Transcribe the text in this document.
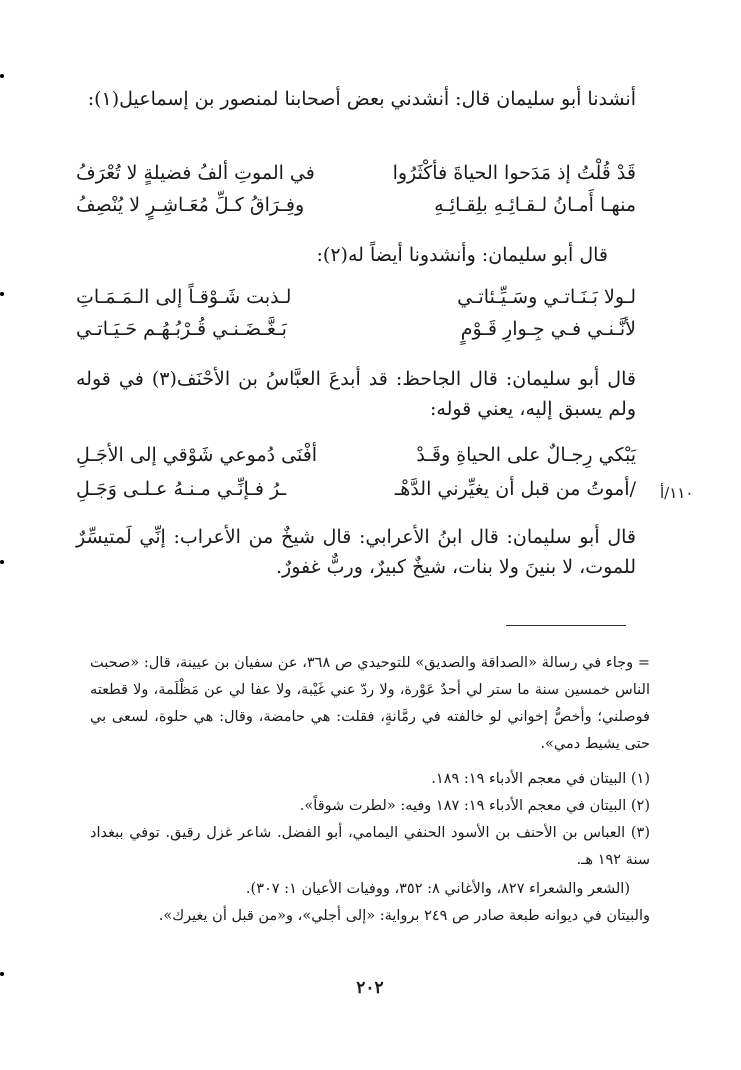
أنشدنا أبو سليمان قال: أنشدني بعض أصحابنا لمنصور بن إسماعيل(١):
قَدْ قُلْتُ إذ مَدَحوا الحياةَ فأكْثَرُوا
في الموتِ ألفُ فضيلةٍ لا تُعْرَفُ
منهـا أَمـانُ لـقـائِـهِ بلِقـائِـهِ
وفِـرَاقُ كـلِّ مُعَـاشِـرٍ لا يُنْصِفُ
قال أبو سليمان: وأنشدونا أيضاً له(٢):
لـولا بَـنَـاتـي وسَـيِّـئاتـي
لـذبت شَـوْقـاً إلى الـمَـمَـاتِ
لأنَّـنـي فـي جِـوارِ قَـوْمٍ
بَـغَّـضَـنـي قُـرْبُـهُـم حَـيَـاتـي
قال أبو سليمان: قال الجاحظ: قد أبدعَ العبَّاسُ بن الأحْنَف(٣) في قوله ولم يسبق إليه، يعني قوله:
يَبْكي رِجـالٌ على الحياةِ وقَـدْ
أفْنَى دُموعي شَوْقي إلى الأجَـلِ
/أموتُ من قبل أن يغيِّرني الدَّهْـ
ـرُ فـإنِّـي مـنـهُ عـلـى وَجَـلِ	١١٠/أ
قال أبو سليمان: قال ابنُ الأعرابي: قال شيخٌ من الأعراب: إنِّي لَمتيسِّرٌ للموت، لا بنينَ ولا بنات، شيخٌ كبيرٌ، وربٌّ غفورٌ.
= وجاء في رسالة «الصداقة والصديق» للتوحيدي ص ٣٦٨، عن سفيان بن عيينة، قال: «صحبت الناس خمسين سنة ما ستر لي أحدٌ عَوْرة، ولا ردّ عني غَيْبة، ولا عفا لي عن مَظْلَمة، ولا قطعته فوصلني؛ وأخصُّ إخواني لو خالفته في رمَّانةٍ، فقلت: هي حامضة، وقال: هي حلوة، لسعى بي حتى يشيط دمي».
(١) البيتان في معجم الأدباء ١٩: ١٨٩.
(٢) البيتان في معجم الأدباء ١٩: ١٨٧ وفيه: «لطرت شوقاً».
(٣) العباس بن الأحنف بن الأسود الحنفي اليمامي، أبو الفضل. شاعر غزل رقيق. توفي ببغداد سنة ١٩٢ هـ.
(الشعر والشعراء ٨٢٧، والأغاني ٨: ٣٥٢، ووفيات الأعيان ١: ٣٠٧).
والبيتان في ديوانه طبعة صادر ص ٢٤٩ برواية: «إلى أجلي»، و«من قبل أن يغيرك».
٢٠٢
